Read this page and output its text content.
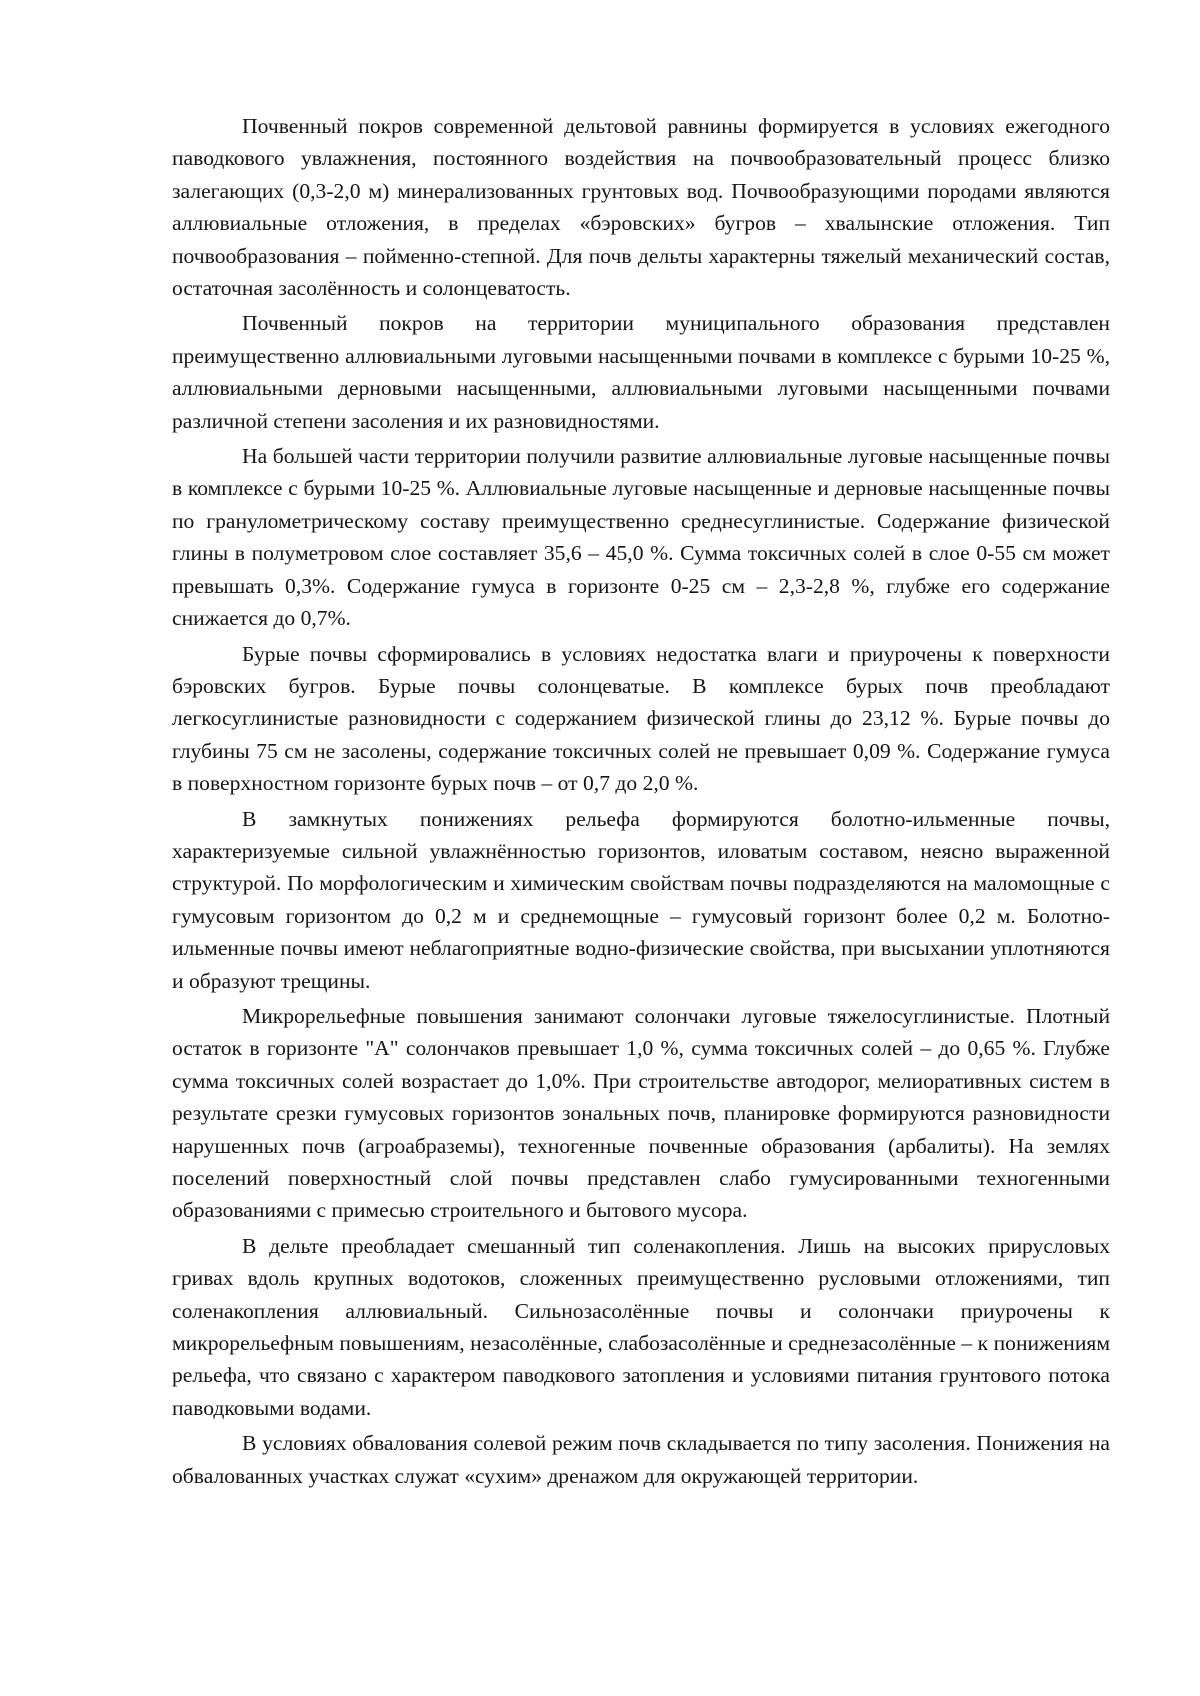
Почвенный покров современной дельтовой равнины формируется в условиях ежегодного паводкового увлажнения, постоянного воздействия на почвообразовательный процесс близко залегающих (0,3-2,0 м) минерализованных грунтовых вод. Почвообразующими породами являются аллювиальные отложения, в пределах «бэровских» бугров – хвалынские отложения. Тип почвообразования – пойменно-степной. Для почв дельты характерны тяжелый механический состав, остаточная засолённость и солонцеватость.

Почвенный покров на территории муниципального образования представлен преимущественно аллювиальными луговыми насыщенными почвами в комплексе с бурыми 10-25 %, аллювиальными дерновыми насыщенными, аллювиальными луговыми насыщенными почвами различной степени засоления и их разновидностями.

На большей части территории получили развитие аллювиальные луговые насыщенные почвы в комплексе с бурыми 10-25 %. Аллювиальные луговые насыщенные и дерновые насыщенные почвы по гранулометрическому составу преимущественно среднесуглинистые. Содержание физической глины в полуметровом слое составляет 35,6 – 45,0 %. Сумма токсичных солей в слое 0-55 см может превышать 0,3%. Содержание гумуса в горизонте 0-25 см – 2,3-2,8 %, глубже его содержание снижается до 0,7%.

Бурые почвы сформировались в условиях недостатка влаги и приурочены к поверхности бэровских бугров. Бурые почвы солонцеватые. В комплексе бурых почв преобладают легкосуглинистые разновидности с содержанием физической глины до 23,12 %. Бурые почвы до глубины 75 см не засолены, содержание токсичных солей не превышает 0,09 %. Содержание гумуса в поверхностном горизонте бурых почв – от 0,7 до 2,0 %.

В замкнутых понижениях рельефа формируются болотно-ильменные почвы, характеризуемые сильной увлажнённостью горизонтов, иловатым составом, неясно выраженной структурой. По морфологическим и химическим свойствам почвы подразделяются на маломощные с гумусовым горизонтом до 0,2 м и среднемощные – гумусовый горизонт более 0,2 м. Болотно-ильменные почвы имеют неблагоприятные водно-физические свойства, при высыхании уплотняются и образуют трещины.

Микрорельефные повышения занимают солончаки луговые тяжелосуглинистые. Плотный остаток в горизонте "А" солончаков превышает 1,0 %, сумма токсичных солей – до 0,65 %. Глубже сумма токсичных солей возрастает до 1,0%. При строительстве автодорог, мелиоративных систем в результате срезки гумусовых горизонтов зональных почв, планировке формируются разновидности нарушенных почв (агроабраземы), техногенные почвенные образования (арбалиты). На землях поселений поверхностный слой почвы представлен слабо гумусированными техногенными образованиями с примесью строительного и бытового мусора.

В дельте преобладает смешанный тип соленакопления. Лишь на высоких прирусловых гривах вдоль крупных водотоков, сложенных преимущественно русловыми отложениями, тип соленакопления аллювиальный. Сильнозасолённые почвы и солончаки приурочены к микрорельефным повышениям, незасолённые, слабозасолённые и среднезасолённые – к понижениям рельефа, что связано с характером паводкового затопления и условиями питания грунтового потока паводковыми водами.

В условиях обвалования солевой режим почв складывается по типу засоления. Понижения на обвалованных участках служат «сухим» дренажом для окружающей территории.
